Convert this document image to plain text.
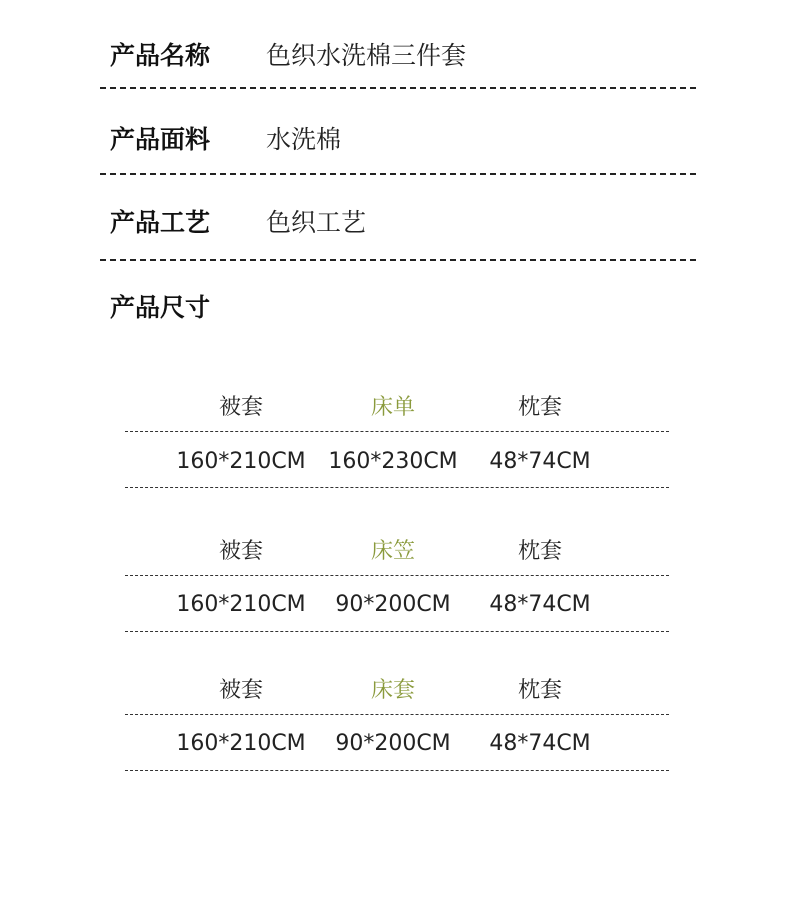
产品名称 色织水洗棉三件套
产品面料 水洗棉
产品工艺 色织工艺
产品尺寸
被套	床单	枕套
160*210CM 160*230CM 48*74CM
被套	床笠	枕套
160*210CM 90*200CM 48*74CM
被套	床套	枕套
160*210CM 90*200CM 48*74CM
